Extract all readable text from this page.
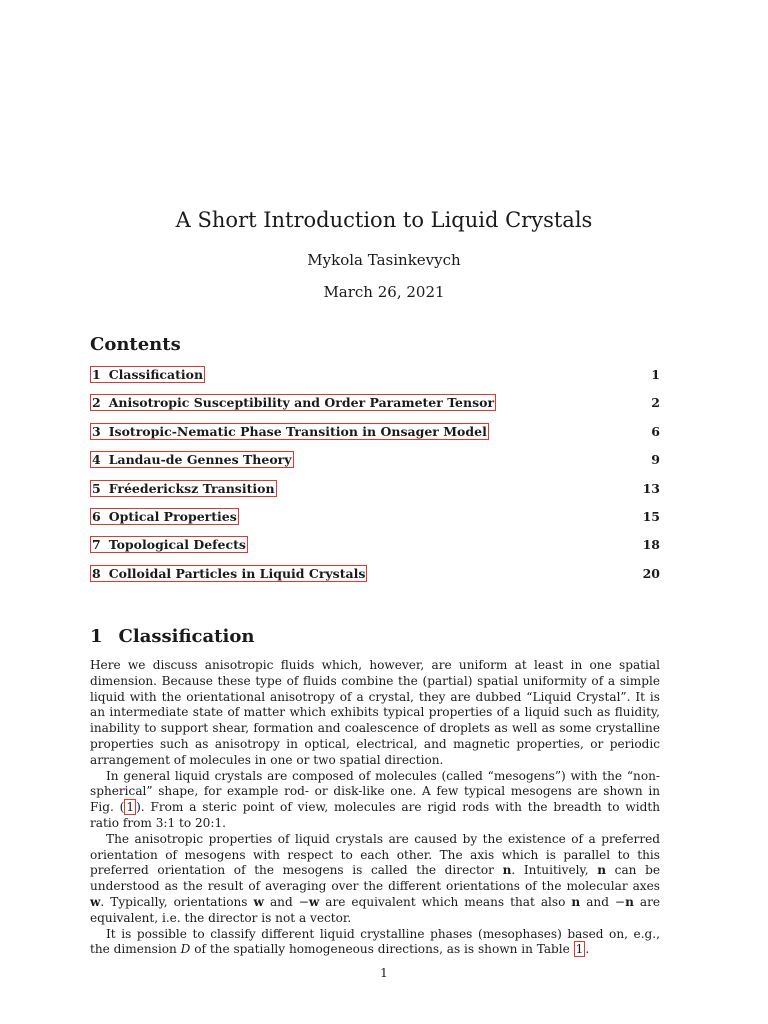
A Short Introduction to Liquid Crystals
Mykola Tasinkevych
March 26, 2021
Contents
1 Classification	1
2 Anisotropic Susceptibility and Order Parameter Tensor	2
3 Isotropic-Nematic Phase Transition in Onsager Model	6
4 Landau-de Gennes Theory	9
5 Fréedericksz Transition	13
6 Optical Properties	15
7 Topological Defects	18
8 Colloidal Particles in Liquid Crystals	20
1 Classification

Here we discuss anisotropic fluids which, however, are uniform at least in one spatial dimension. Because these type of fluids combine the (partial) spatial uniformity of a simple liquid with the orientational anisotropy of a crystal, they are dubbed “Liquid Crystal”. It is an intermediate state of matter which exhibits typical properties of a liquid such as fluidity, inability to support shear, formation and coalescence of droplets as well as some crystalline properties such as anisotropy in optical, electrical, and magnetic properties, or periodic arrangement of molecules in one or two spatial direction.

In general liquid crystals are composed of molecules (called “mesogens”) with the “non-spherical” shape, for example rod- or disk-like one. A few typical mesogens are shown in Fig. ( 1 ). From a steric point of view, molecules are rigid rods with the breadth to width ratio from 3:1 to 20:1.

The anisotropic properties of liquid crystals are caused by the existence of a preferred orientation of mesogens with respect to each other. The axis which is parallel to this preferred orientation of the mesogens is called the director n. Intuitively, n can be understood as the result of averaging over the different orientations of the molecular axes w. Typically, orientations w and −w are equivalent which means that also n and −n are equivalent, i.e. the director is not a vector.

It is possible to classify different liquid crystalline phases (mesophases) based on, e.g., the dimension D of the spatially homogeneous directions, as is shown in Table 1 .

1
